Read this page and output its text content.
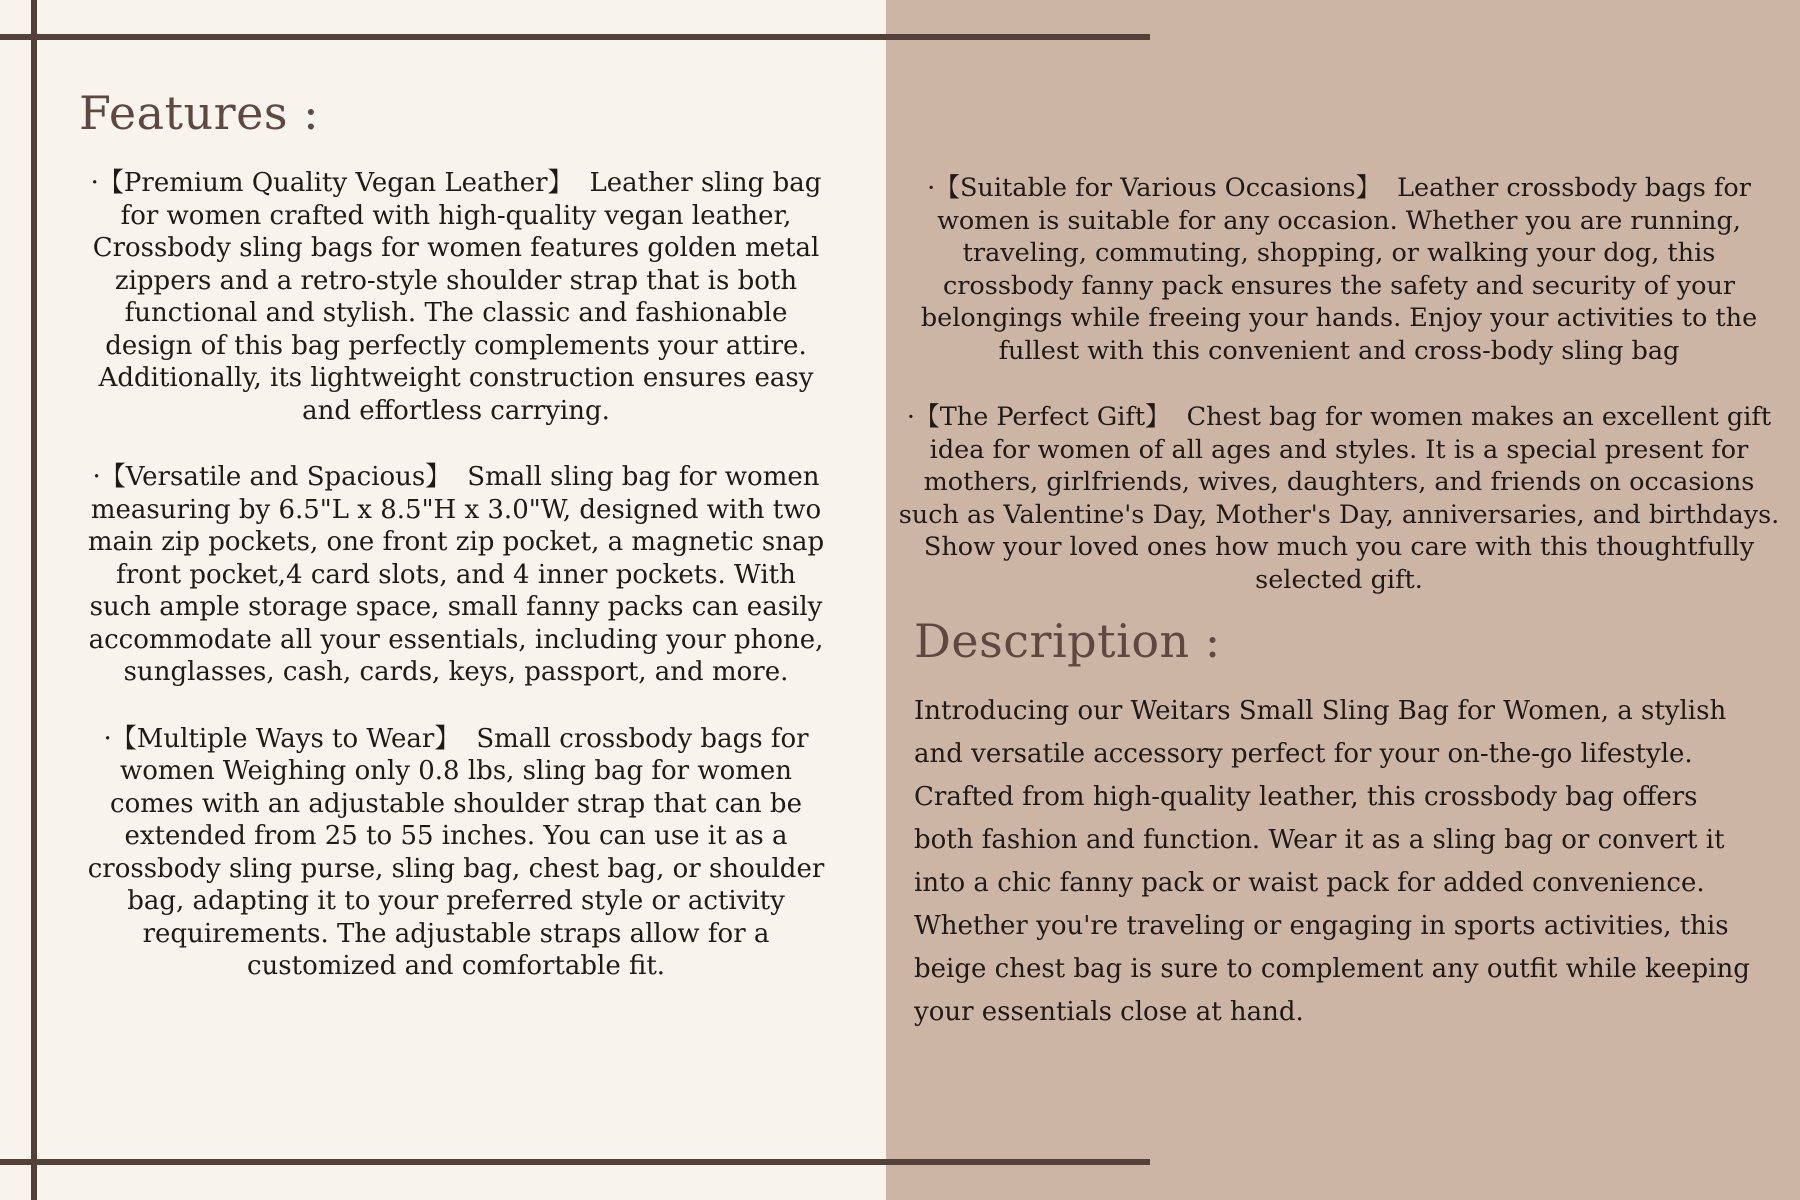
Features :

· 【Premium Quality Vegan Leather】 Leather sling bag for women crafted with high-quality vegan leather, Crossbody sling bags for women features golden metal zippers and a retro-style shoulder strap that is both functional and stylish. The classic and fashionable design of this bag perfectly complements your attire. Additionally, its lightweight construction ensures easy and effortless carrying.

· 【Versatile and Spacious】 Small sling bag for women measuring by 6.5"L x 8.5"H x 3.0"W, designed with two main zip pockets, one front zip pocket, a magnetic snap front pocket,4 card slots, and 4 inner pockets. With such ample storage space, small fanny packs can easily accommodate all your essentials, including your phone, sunglasses, cash, cards, keys, passport, and more.

· 【Multiple Ways to Wear】 Small crossbody bags for women Weighing only 0.8 lbs, sling bag for women comes with an adjustable shoulder strap that can be extended from 25 to 55 inches. You can use it as a crossbody sling purse, sling bag, chest bag, or shoulder bag, adapting it to your preferred style or activity requirements. The adjustable straps allow for a customized and comfortable fit.

· 【Suitable for Various Occasions】 Leather crossbody bags for women is suitable for any occasion. Whether you are running, traveling, commuting, shopping, or walking your dog, this crossbody fanny pack ensures the safety and security of your belongings while freeing your hands. Enjoy your activities to the fullest with this convenient and cross-body sling bag

· 【The Perfect Gift】 Chest bag for women makes an excellent gift idea for women of all ages and styles. It is a special present for mothers, girlfriends, wives, daughters, and friends on occasions such as Valentine's Day, Mother's Day, anniversaries, and birthdays. Show your loved ones how much you care with this thoughtfully selected gift.

Description :

Introducing our Weitars Small Sling Bag for Women, a stylish and versatile accessory perfect for your on-the-go lifestyle. Crafted from high-quality leather, this crossbody bag offers both fashion and function. Wear it as a sling bag or convert it into a chic fanny pack or waist pack for added convenience. Whether you're traveling or engaging in sports activities, this beige chest bag is sure to complement any outfit while keeping your essentials close at hand.
